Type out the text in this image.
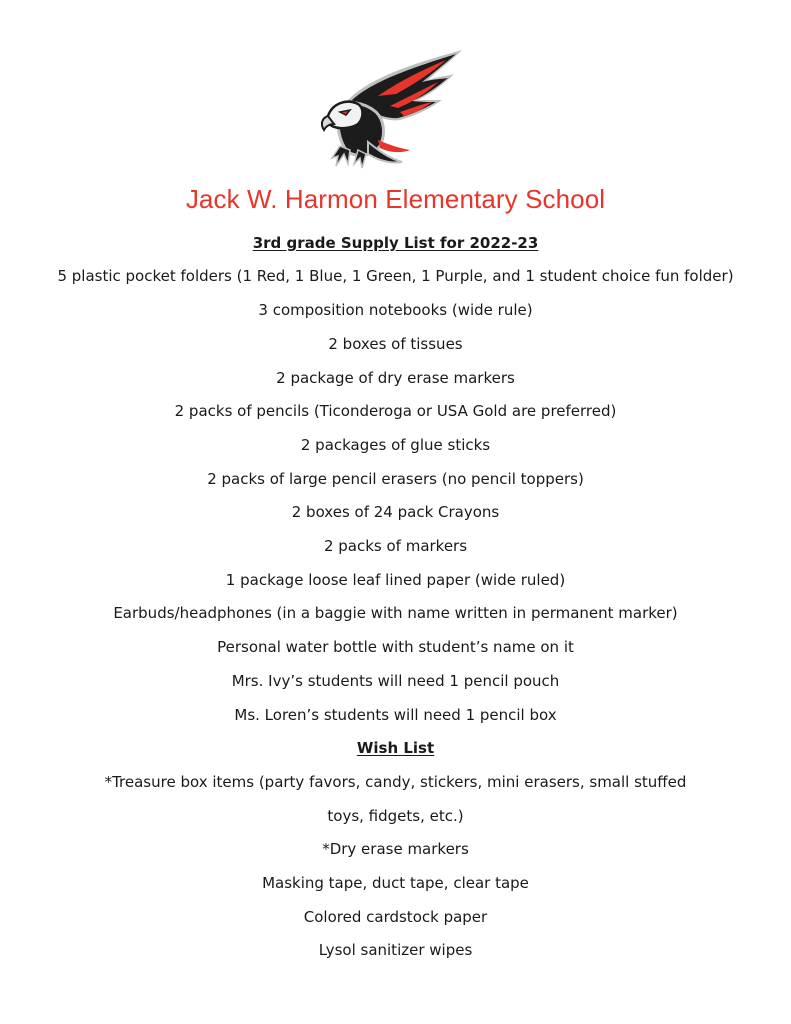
Jack W. Harmon Elementary School
3rd grade Supply List for 2022-23
5 plastic pocket folders (1 Red, 1 Blue, 1 Green, 1 Purple, and 1 student choice fun folder)
3 composition notebooks (wide rule)
2 boxes of tissues
2 package of dry erase markers
2 packs of pencils (Ticonderoga or USA Gold are preferred)
2 packages of glue sticks
2 packs of large pencil erasers (no pencil toppers)
2 boxes of 24 pack Crayons
2 packs of markers
1 package loose leaf lined paper (wide ruled)
Earbuds/headphones (in a baggie with name written in permanent marker)
Personal water bottle with student’s name on it
Mrs. Ivy’s students will need 1 pencil pouch
Ms. Loren’s students will need 1 pencil box
Wish List
*Treasure box items (party favors, candy, stickers, mini erasers, small stuffed
toys, fidgets, etc.)
*Dry erase markers
Masking tape, duct tape, clear tape
Colored cardstock paper
Lysol sanitizer wipes
